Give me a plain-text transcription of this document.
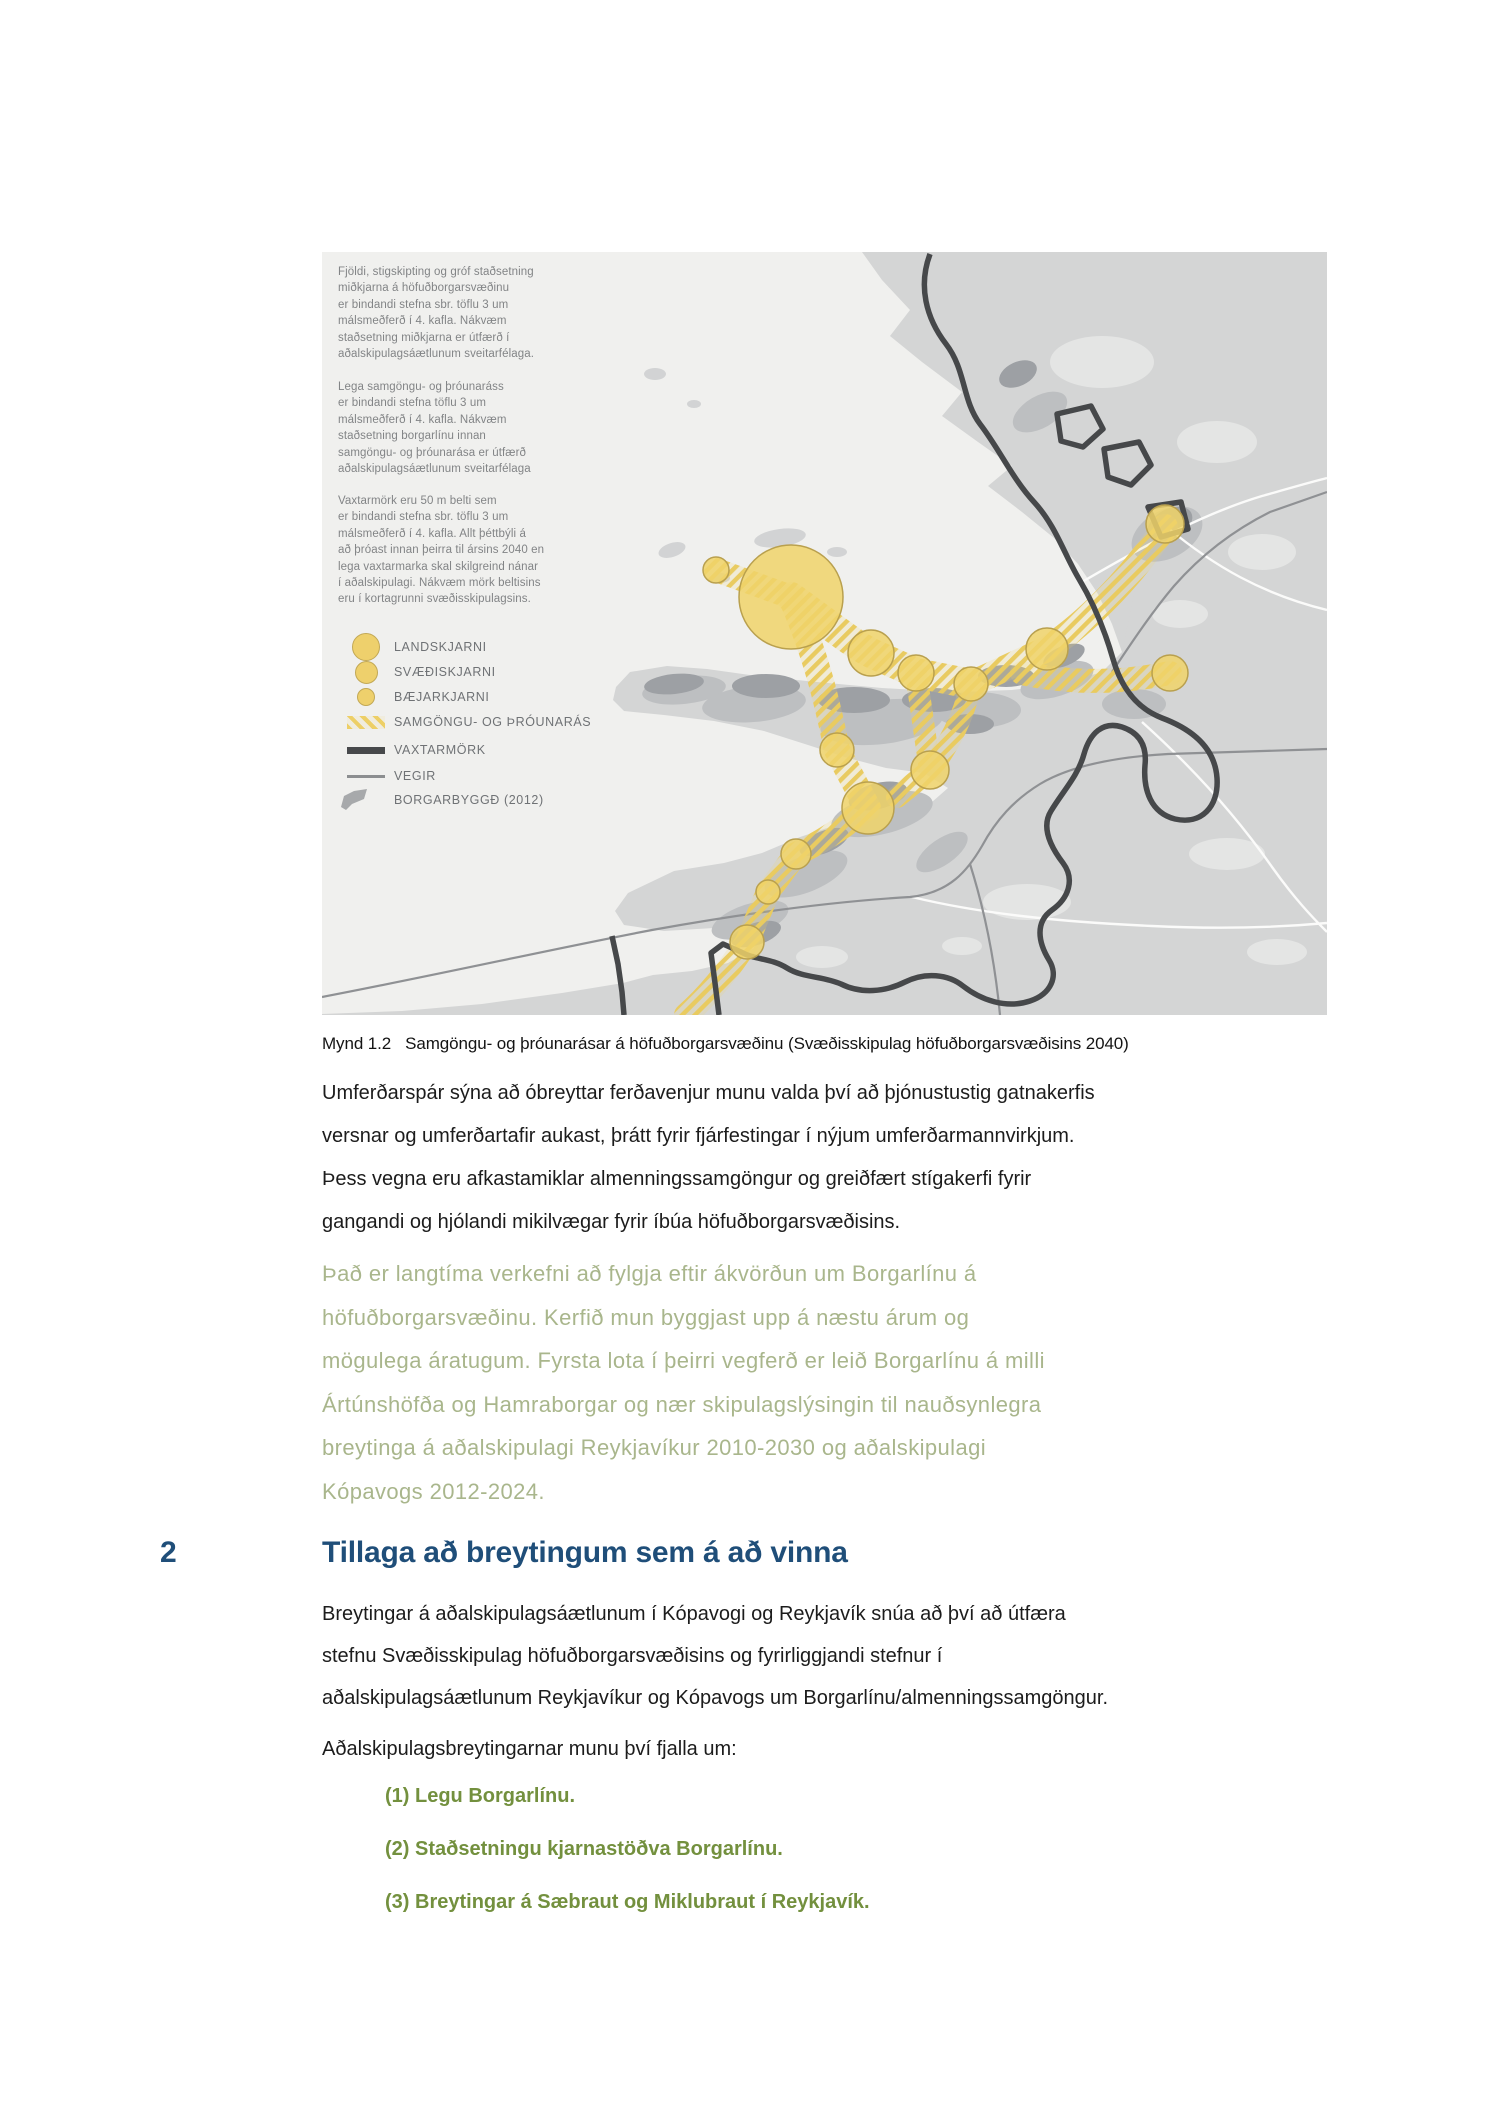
Fjöldi, stigskipting og gróf staðsetning
miðkjarna á höfuðborgarsvæðinu
er bindandi stefna sbr. töflu 3 um
málsmeðferð í 4. kafla. Nákvæm
staðsetning miðkjarna er útfærð í
aðalskipulagsáætlunum sveitarfélaga.
Lega samgöngu- og þróunaráss
er bindandi stefna töflu 3 um
málsmeðferð í 4. kafla. Nákvæm
staðsetning borgarlínu innan
samgöngu- og þróunarása er útfærð
aðalskipulagsáætlunum sveitarfélaga
Vaxtarmörk eru 50 m belti sem
er bindandi stefna sbr. töflu 3 um
málsmeðferð í 4. kafla. Allt þéttbýli á
að þróast innan þeirra til ársins 2040 en
lega vaxtarmarka skal skilgreind nánar
í aðalskipulagi. Nákvæm mörk beltisins
eru í kortagrunni svæðisskipulagsins.
LANDSKJARNI
SVÆÐISKJARNI
BÆJARKJARNI
SAMGÖNGU- OG ÞRÓUNARÁS
VAXTARMÖRK
VEGIR
BORGARBYGGÐ (2012)
Mynd 1.2 Samgöngu- og þróunarásar á höfuðborgarsvæðinu (Svæðisskipulag höfuðborgarsvæðisins 2040)
Umferðarspár sýna að óbreyttar ferðavenjur munu valda því að þjónustustig gatnakerfis
versnar og umferðartafir aukast, þrátt fyrir fjárfestingar í nýjum umferðarmannvirkjum.
Þess vegna eru afkastamiklar almenningssamgöngur og greiðfært stígakerfi fyrir
gangandi og hjólandi mikilvægar fyrir íbúa höfuðborgarsvæðisins.
Það er langtíma verkefni að fylgja eftir ákvörðun um Borgarlínu á
höfuðborgarsvæðinu. Kerfið mun byggjast upp á næstu árum og
mögulega áratugum. Fyrsta lota í þeirri vegferð er leið Borgarlínu á milli
Ártúnshöfða og Hamraborgar og nær skipulagslýsingin til nauðsynlegra
breytinga á aðalskipulagi Reykjavíkur 2010-2030 og aðalskipulagi
Kópavogs 2012-2024.
2	Tillaga að breytingum sem á að vinna
Breytingar á aðalskipulagsáætlunum í Kópavogi og Reykjavík snúa að því að útfæra
stefnu Svæðisskipulag höfuðborgarsvæðisins og fyrirliggjandi stefnur í
aðalskipulagsáætlunum Reykjavíkur og Kópavogs um Borgarlínu/almenningssamgöngur.
Aðalskipulagsbreytingarnar munu því fjalla um:
(1) Legu Borgarlínu.
(2) Staðsetningu kjarnastöðva Borgarlínu.
(3) Breytingar á Sæbraut og Miklubraut í Reykjavík.
